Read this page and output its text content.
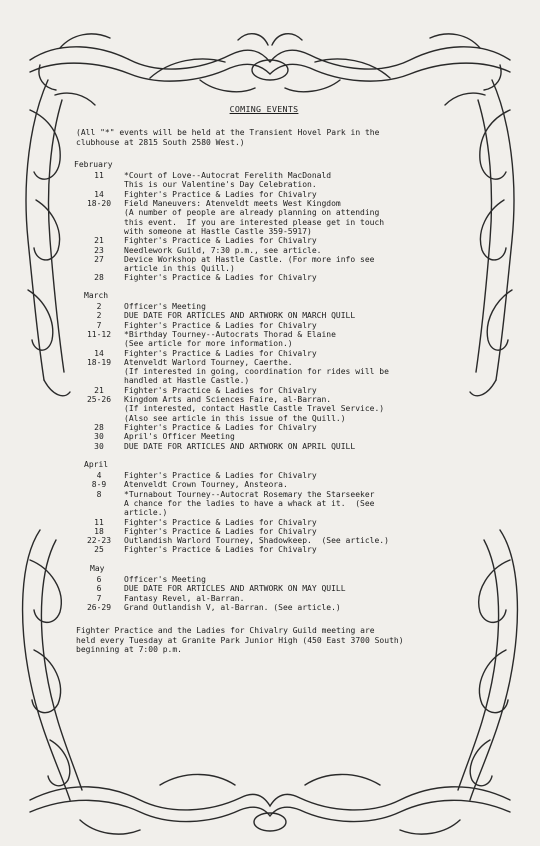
COMING EVENTS
(All "*" events will be held at the Transient Hovel Park in the
clubhouse at 2815 South 2580 West.)
February
11	*Court of Love--Autocrat Ferelith MacDonald
This is our Valentine's Day Celebration.
14	Fighter's Practice & Ladies for Chivalry
18-20	Field Maneuvers: Atenveldt meets West Kingdom
(A number of people are already planning on attending
this event.  If you are interested please get in touch
with someone at Hastle Castle 359-5917)
21	Fighter's Practice & Ladies for Chivalry
23	Needlework Guild, 7:30 p.m., see article.
27	Device Workshop at Hastle Castle. (For more info see
article in this Quill.)
28	Fighter's Practice & Ladies for Chivalry
March
2	Officer's Meeting
2	DUE DATE FOR ARTICLES AND ARTWORK ON MARCH QUILL
7	Fighter's Practice & Ladies for Chivalry
11-12	*Birthday Tourney--Autocrats Thorad & Elaine
(See article for more information.)
14	Fighter's Practice & Ladies for Chivalry
18-19	Atenveldt Warlord Tourney, Caerthe.
(If interested in going, coordination for rides will be
handled at Hastle Castle.)
21	Fighter's Practice & Ladies for Chivalry
25-26	Kingdom Arts and Sciences Faire, al-Barran.
(If interested, contact Hastle Castle Travel Service.)
(Also see article in this issue of the Quill.)
28	Fighter's Practice & Ladies for Chivalry
30	April's Officer Meeting
30	DUE DATE FOR ARTICLES AND ARTWORK ON APRIL QUILL
April
4	Fighter's Practice & Ladies for Chivalry
8-9	Atenveldt Crown Tourney, Ansteora.
8	*Turnabout Tourney--Autocrat Rosemary the Starseeker
A chance for the ladies to have a whack at it.  (See
article.)
11	Fighter's Practice & Ladies for Chivalry
18	Fighter's Practice & Ladies for Chivalry
22-23	Outlandish Warlord Tourney, Shadowkeep.  (See article.)
25	Fighter's Practice & Ladies for Chivalry
May
6	Officer's Meeting
6	DUE DATE FOR ARTICLES AND ARTWORK ON MAY QUILL
7	Fantasy Revel, al-Barran.
26-29	Grand Outlandish V, al-Barran. (See article.)
Fighter Practice and the Ladies for Chivalry Guild meeting are
held every Tuesday at Granite Park Junior High (450 East 3700 South)
beginning at 7:00 p.m.
